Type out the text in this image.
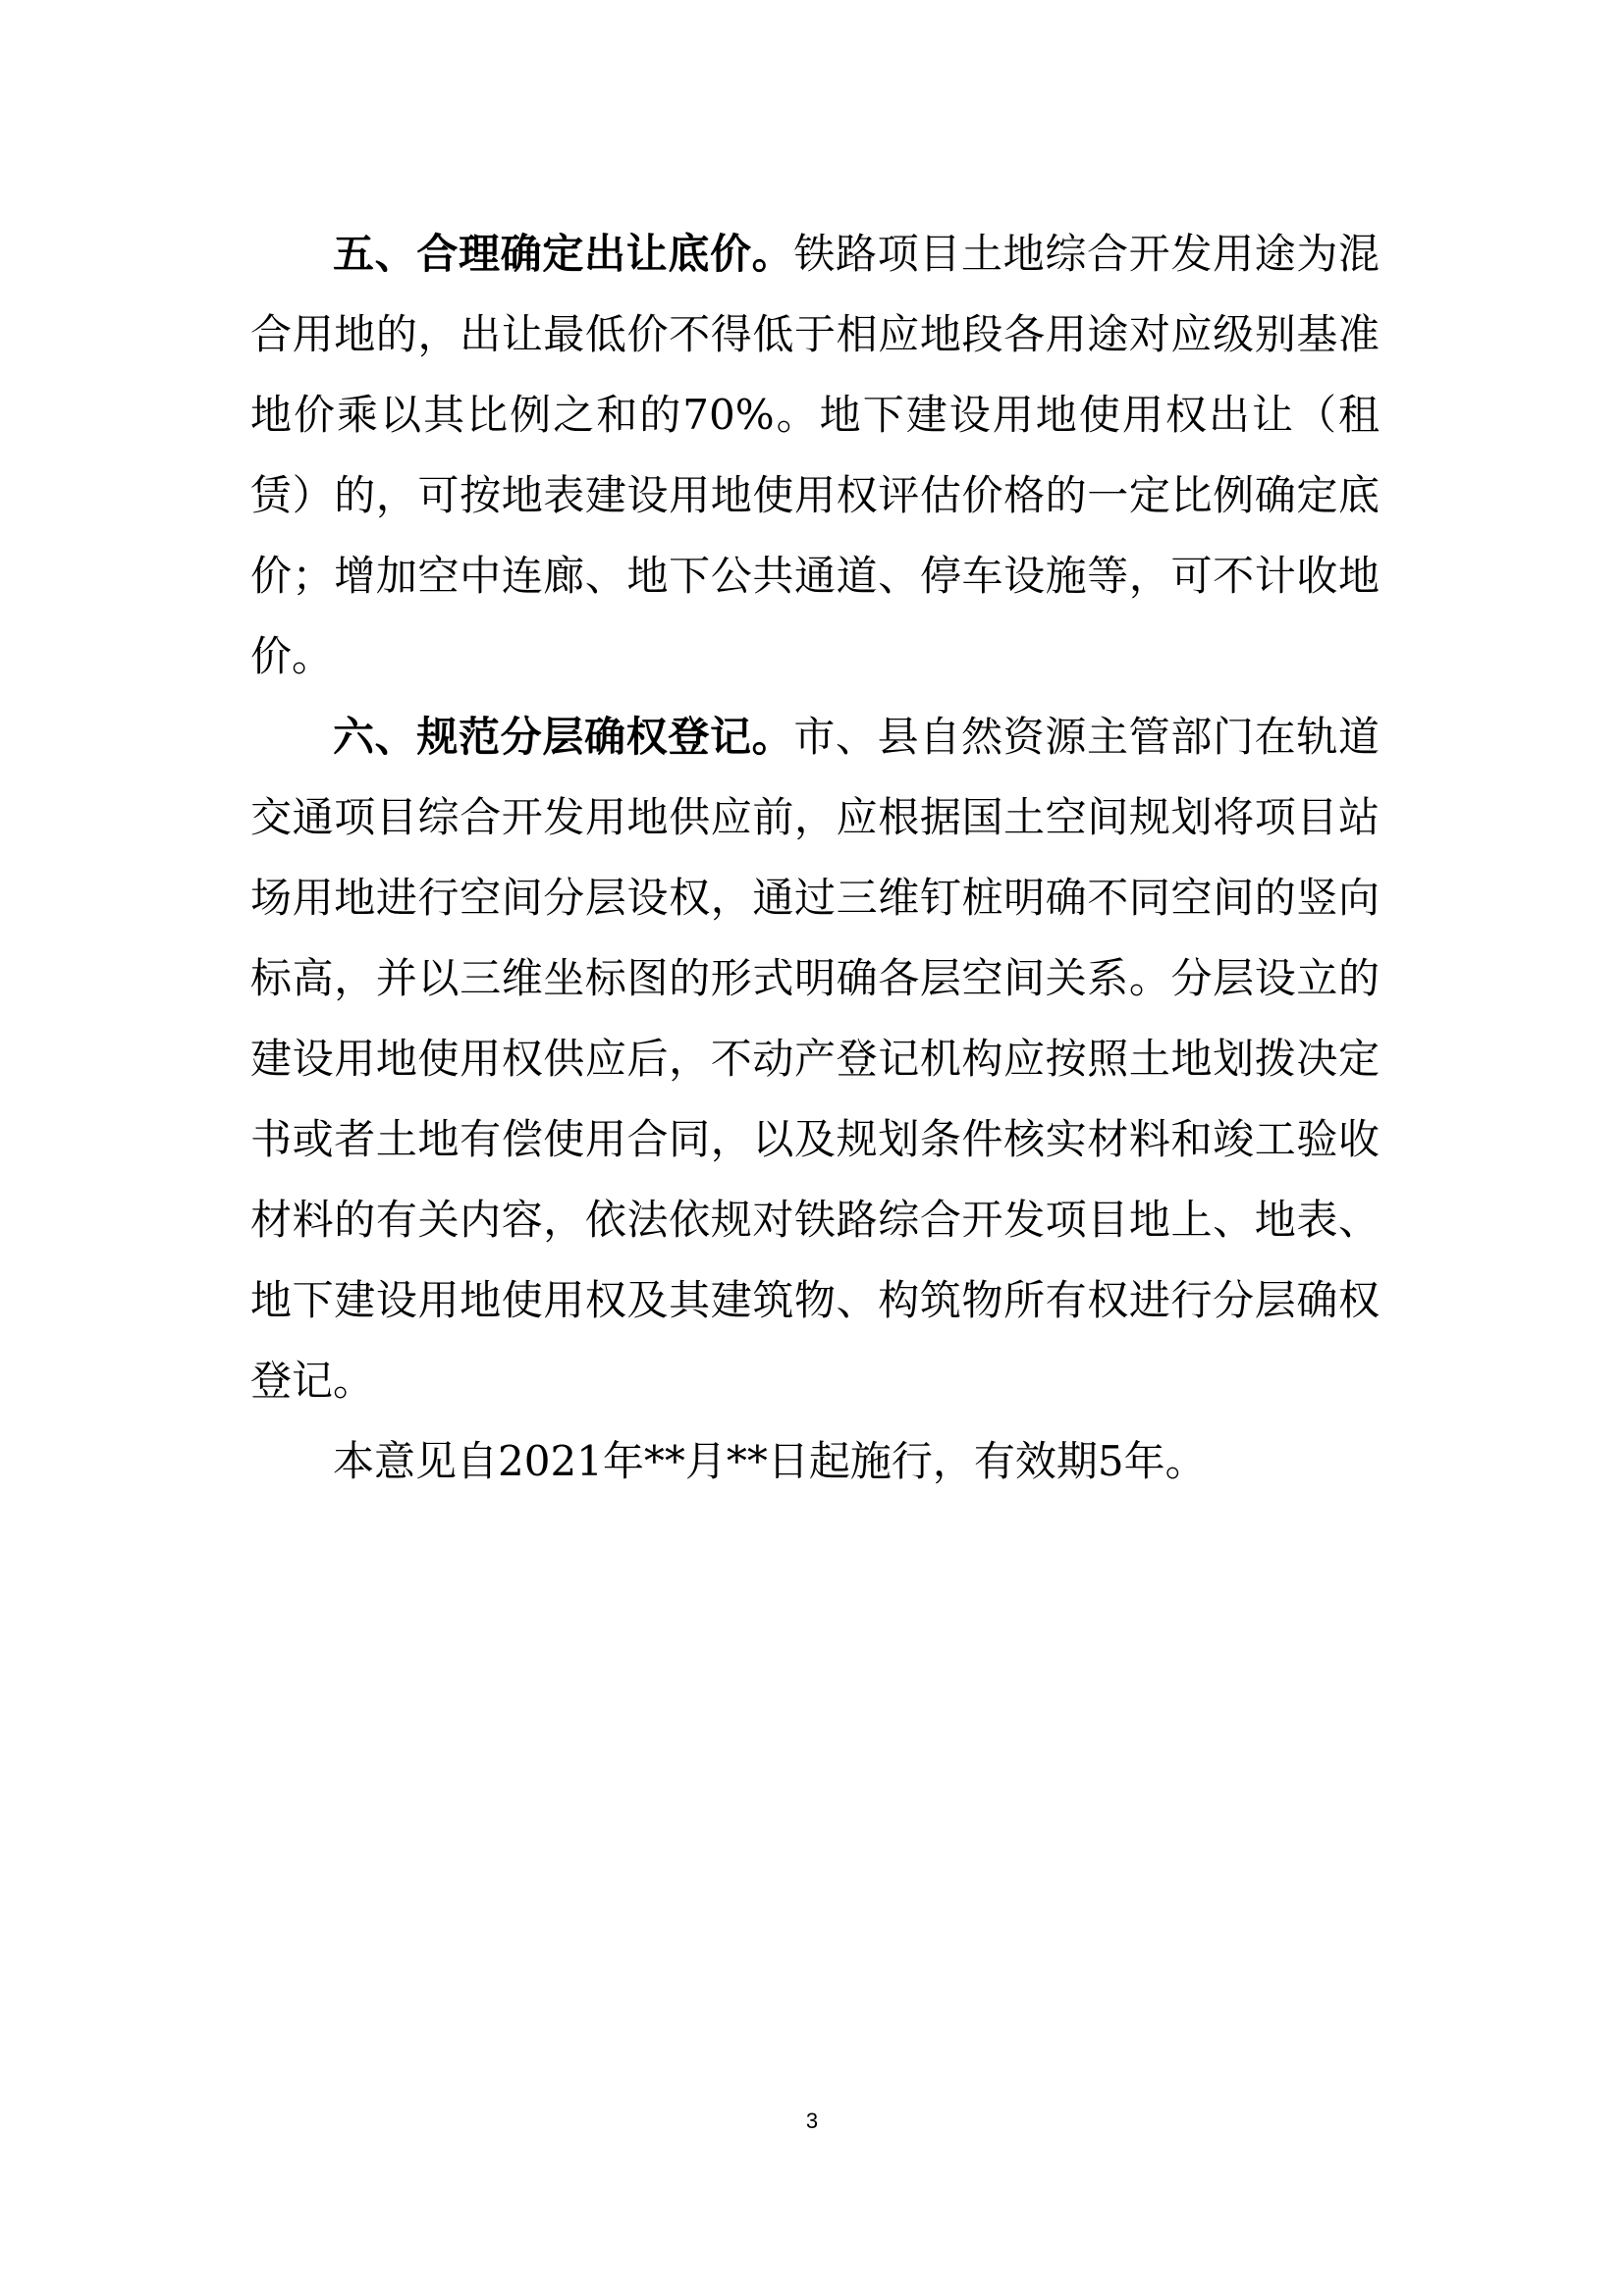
五、合理确定出让底价。铁路项目土地综合开发用途为混合用地的，出让最低价不得低于相应地段各用途对应级别基准地价乘以其比例之和的70%。地下建设用地使用权出让（租赁）的，可按地表建设用地使用权评估价格的一定比例确定底价；增加空中连廊、地下公共通道、停车设施等，可不计收地价。

六、规范分层确权登记。市、县自然资源主管部门在轨道交通项目综合开发用地供应前，应根据国土空间规划将项目站场用地进行空间分层设权，通过三维钉桩明确不同空间的竖向标高，并以三维坐标图的形式明确各层空间关系。分层设立的建设用地使用权供应后，不动产登记机构应按照土地划拨决定书或者土地有偿使用合同，以及规划条件核实材料和竣工验收材料的有关内容，依法依规对铁路综合开发项目地上、地表、地下建设用地使用权及其建筑物、构筑物所有权进行分层确权登记。

本意见自2021年**月**日起施行，有效期5年。

3
